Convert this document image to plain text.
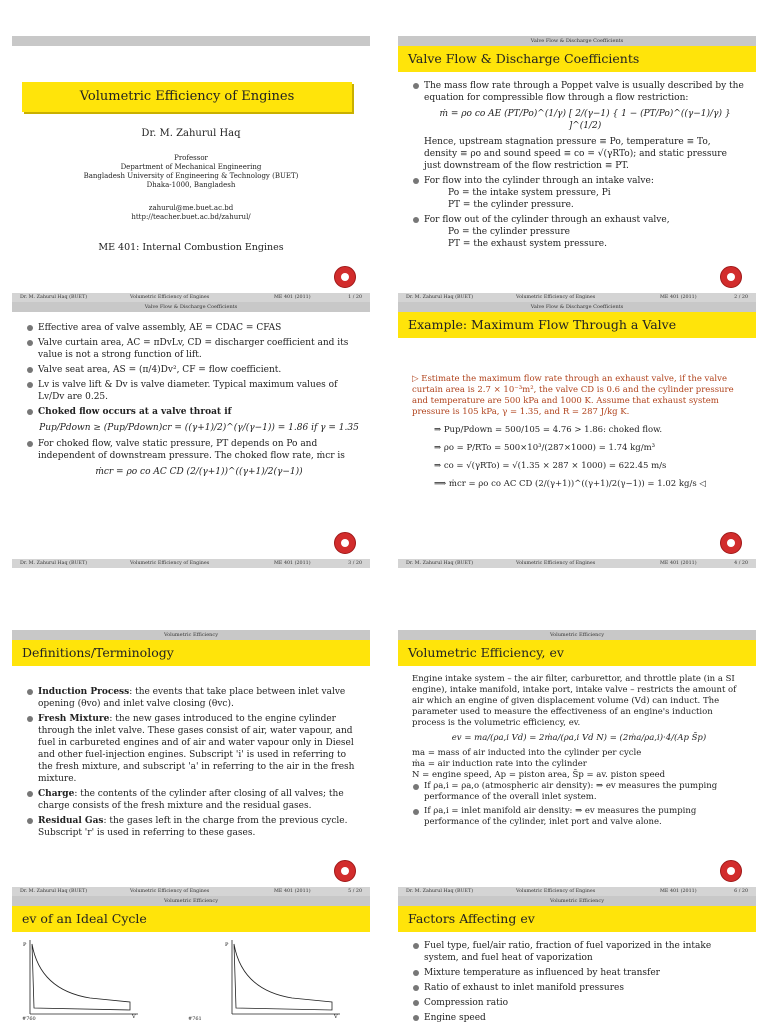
Volumetric Efficiency of Engines
Dr. M. Zahurul Haq
Professor
Department of Mechanical Engineering
Bangladesh University of Engineering & Technology (BUET)
Dhaka-1000, Bangladesh
zahurul@me.buet.ac.bd
http://teacher.buet.ac.bd/zahurul/
ME 401: Internal Combustion Engines
Dr. M. Zahurul Haq (BUET)	Volumetric Efficiency of Engines	ME 401 (2011)	1 / 20
Valve Flow & Discharge Coefficients
Valve Flow & Discharge Coefficients
The mass flow rate through a Poppet valve is usually described by the equation for compressible flow through a flow restriction:
ṁ = ρo co AE (PT/Po)^(1/γ) [ 2/(γ−1) { 1 − (PT/Po)^((γ−1)/γ) } ]^(1/2)
Hence, upstream stagnation pressure ≡ Po, temperature ≡ To, density ≡ ρo and sound speed ≡ co = √(γRTo); and static pressure just downstream of the flow restriction ≡ PT.
For flow into the cylinder through an intake valve:
Po = the intake system pressure, Pi
PT = the cylinder pressure.
For flow out of the cylinder through an exhaust valve,
Po = the cylinder pressure
PT = the exhaust system pressure.
Dr. M. Zahurul Haq (BUET)	Volumetric Efficiency of Engines	ME 401 (2011)	2 / 20
Valve Flow & Discharge Coefficients
Effective area of valve assembly, AE = CDAC = CFAS
Valve curtain area, AC = πDvLv, CD = discharger coefficient and its value is not a strong function of lift.
Valve seat area, AS = (π/4)Dv², CF = flow coefficient.
Lv is valve lift & Dv is valve diameter. Typical maximum values of Lv/Dv are 0.25.
Choked flow occurs at a valve throat if
Pup/Pdown ≥ (Pup/Pdown)cr = ((γ+1)/2)^(γ/(γ−1)) = 1.86 if γ = 1.35
For choked flow, valve static pressure, PT depends on Po and independent of downstream pressure. The choked flow rate, ṁcr is
ṁcr = ρo co AC CD (2/(γ+1))^((γ+1)/2(γ−1))
Dr. M. Zahurul Haq (BUET)	Volumetric Efficiency of Engines	ME 401 (2011)	3 / 20
Valve Flow & Discharge Coefficients
Example: Maximum Flow Through a Valve
▷ Estimate the maximum flow rate through an exhaust valve, if the valve curtain area is 2.7 × 10⁻³m², the valve CD is 0.6 and the cylinder pressure and temperature are 500 kPa and 1000 K. Assume that exhaust system pressure is 105 kPa, γ = 1.35, and R = 287 J/kg K.
⇒ Pup/Pdown = 500/105 = 4.76 > 1.86: choked flow.
⇒ ρo = P/RTo = 500×10³/(287×1000) = 1.74 kg/m³
⇒ co = √(γRTo) = √(1.35 × 287 × 1000) = 622.45 m/s
⟹ ṁcr = ρo co AC CD (2/(γ+1))^((γ+1)/2(γ−1)) = 1.02 kg/s ◁
Dr. M. Zahurul Haq (BUET)	Volumetric Efficiency of Engines	ME 401 (2011)	4 / 20
Volumetric Efficiency
Definitions/Terminology
Induction Process: the events that take place between inlet valve opening (θvo) and inlet valve closing (θvc).
Fresh Mixture: the new gases introduced to the engine cylinder through the inlet valve. These gases consist of air, water vapour, and fuel in carbureted engines and of air and water vapour only in Diesel and other fuel-injection engines. Subscript 'i' is used in referring to the fresh mixture, and subscript 'a' in referring to the air in the fresh mixture.
Charge: the contents of the cylinder after closing of all valves; the charge consists of the fresh mixture and the residual gases.
Residual Gas: the gases left in the charge from the previous cycle. Subscript 'r' is used in referring to these gases.
Dr. M. Zahurul Haq (BUET)	Volumetric Efficiency of Engines	ME 401 (2011)	5 / 20
Volumetric Efficiency
Volumetric Efficiency, ev
Engine intake system – the air filter, carburettor, and throttle plate (in a SI engine), intake manifold, intake port, intake valve – restricts the amount of air which an engine of given displacement volume (Vd) can induct. The parameter used to measure the effectiveness of an engine's induction process is the volumetric efficiency, ev.
ev = ma/(ρa,i Vd) = 2ṁa/(ρa,i Vd N) = (2ṁa/ρa,i)·4/(Ap S̄p)
ma = mass of air inducted into the cylinder per cycle
ṁa = air induction rate into the cylinder
N = engine speed, Ap = piston area, S̄p = av. piston speed
If ρa,i = ρa,o (atmospheric air density): ⇒ ev measures the pumping performance of the overall inlet system.
If ρa,i = inlet manifold air density: ⇒ ev measures the pumping performance of the cylinder, inlet port and valve alone.
Dr. M. Zahurul Haq (BUET)	Volumetric Efficiency of Engines	ME 401 (2011)	6 / 20
Volumetric Efficiency
ev of an Ideal Cycle
P
V
P
V
#760	#761
Volumetric Efficiency
Factors Affecting ev
Fuel type, fuel/air ratio, fraction of fuel vaporized in the intake system, and fuel heat of vaporization
Mixture temperature as influenced by heat transfer
Ratio of exhaust to inlet manifold pressures
Compression ratio
Engine speed
